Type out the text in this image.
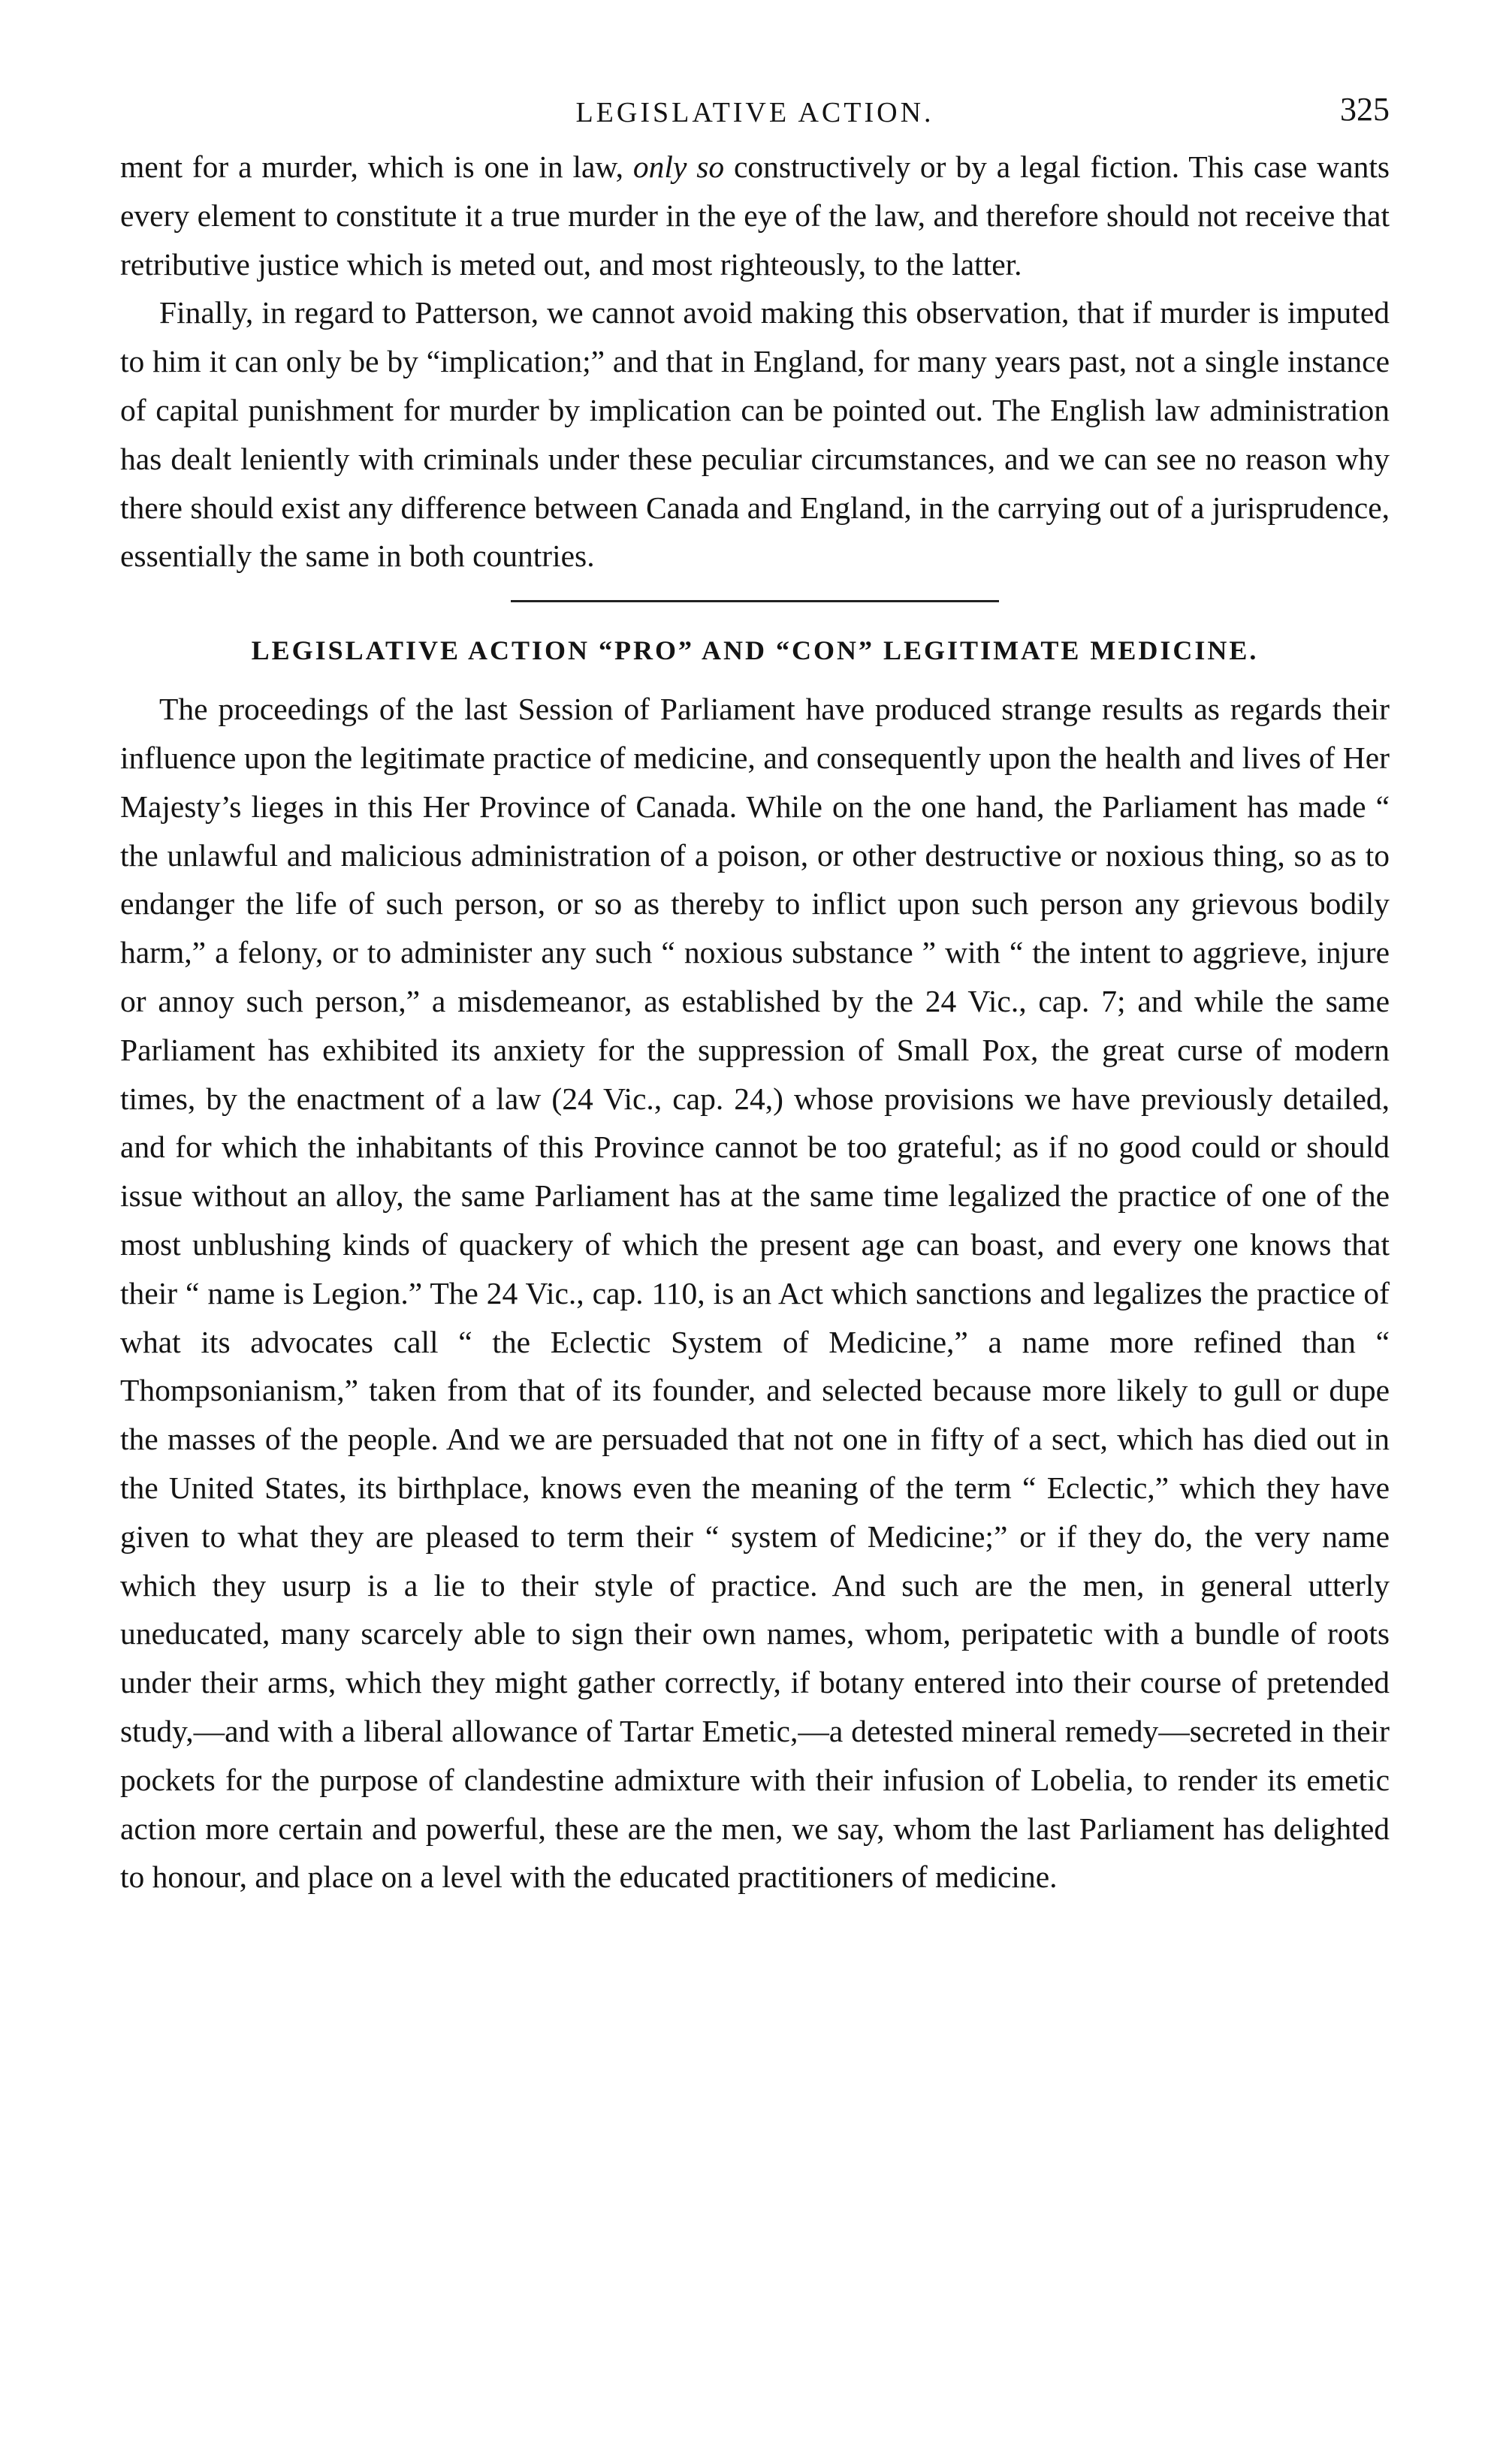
LEGISLATIVE ACTION.	325

ment for a murder, which is one in law, only so constructively or by a legal fiction. This case wants every element to constitute it a true murder in the eye of the law, and therefore should not receive that retributive justice which is meted out, and most righteously, to the latter.

Finally, in regard to Patterson, we cannot avoid making this observation, that if murder is imputed to him it can only be by “implication;” and that in England, for many years past, not a single instance of capital punishment for murder by implication can be pointed out. The English law administration has dealt leniently with criminals under these peculiar circumstances, and we can see no reason why there should exist any difference between Canada and England, in the carrying out of a jurisprudence, essentially the same in both countries.

LEGISLATIVE ACTION “PRO” AND “CON” LEGITIMATE MEDICINE.

The proceedings of the last Session of Parliament have produced strange results as regards their influence upon the legitimate practice of medicine, and consequently upon the health and lives of Her Majesty’s lieges in this Her Province of Canada. While on the one hand, the Parliament has made “ the unlawful and malicious administration of a poison, or other destructive or noxious thing, so as to endanger the life of such person, or so as thereby to inflict upon such person any grievous bodily harm,” a felony, or to administer any such “ noxious substance ” with “ the intent to aggrieve, injure or annoy such person,” a misdemeanor, as established by the 24 Vic., cap. 7; and while the same Parliament has exhibited its anxiety for the suppression of Small Pox, the great curse of modern times, by the enactment of a law (24 Vic., cap. 24,) whose provisions we have previously detailed, and for which the inhabitants of this Province cannot be too grateful; as if no good could or should issue without an alloy, the same Parliament has at the same time legalized the practice of one of the most unblushing kinds of quackery of which the present age can boast, and every one knows that their “ name is Legion.” The 24 Vic., cap. 110, is an Act which sanctions and legalizes the practice of what its advocates call “ the Eclectic System of Medicine,” a name more refined than “ Thompsonianism,” taken from that of its founder, and selected because more likely to gull or dupe the masses of the people. And we are persuaded that not one in fifty of a sect, which has died out in the United States, its birthplace, knows even the meaning of the term “ Eclectic,” which they have given to what they are pleased to term their “ system of Medicine;” or if they do, the very name which they usurp is a lie to their style of practice. And such are the men, in general utterly uneducated, many scarcely able to sign their own names, whom, peripatetic with a bundle of roots under their arms, which they might gather correctly, if botany entered into their course of pretended study,—and with a liberal allowance of Tartar Emetic,—a detested mineral remedy—secreted in their pockets for the purpose of clandestine admixture with their infusion of Lobelia, to render its emetic action more certain and powerful, these are the men, we say, whom the last Parliament has delighted to honour, and place on a level with the educated practitioners of medicine.
